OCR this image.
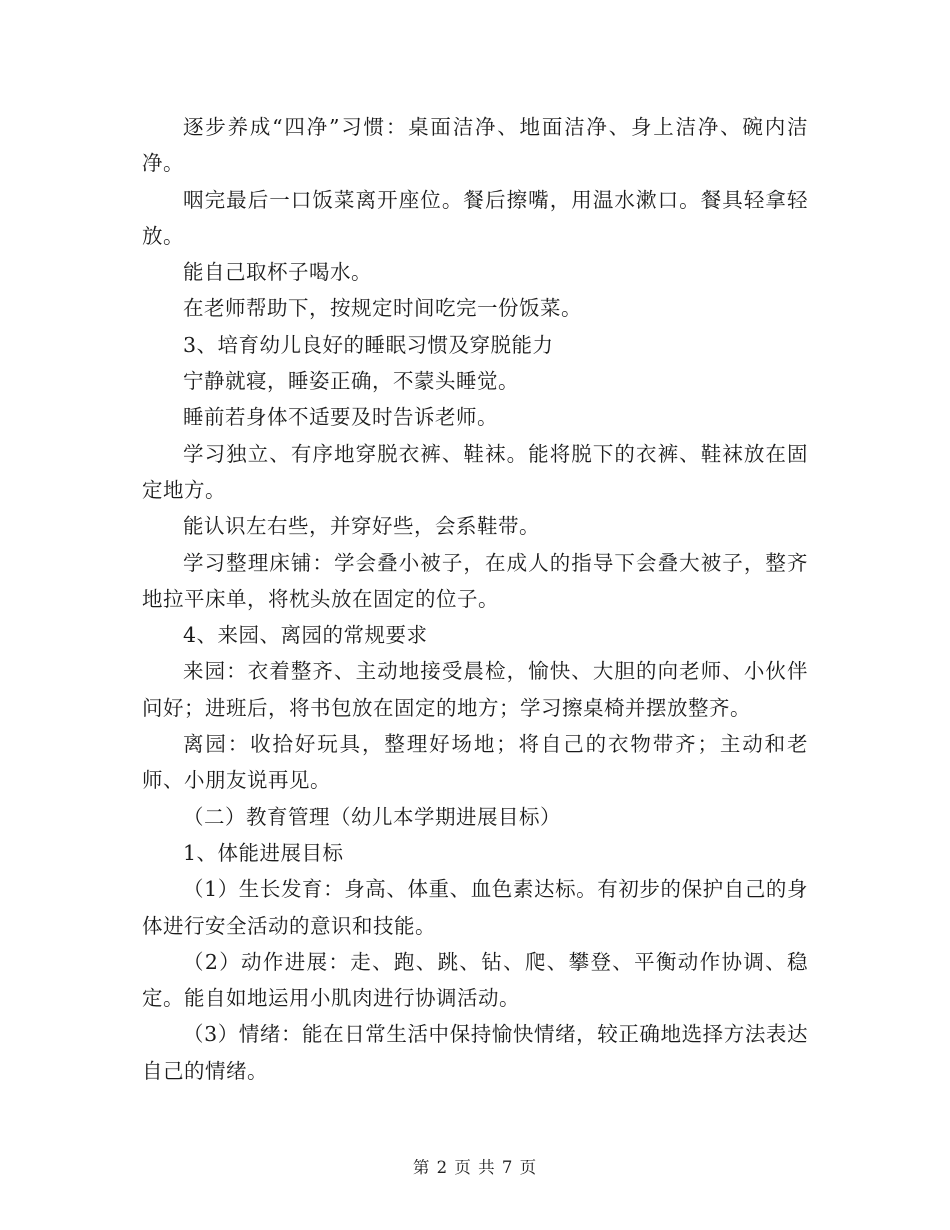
逐步养成“四净”习惯：桌面洁净、地面洁净、身上洁净、碗内洁净。

咽完最后一口饭菜离开座位。餐后擦嘴，用温水漱口。餐具轻拿轻放。

能自己取杯子喝水。

在老师帮助下，按规定时间吃完一份饭菜。

3、培育幼儿良好的睡眠习惯及穿脱能力

宁静就寝，睡姿正确，不蒙头睡觉。

睡前若身体不适要及时告诉老师。

学习独立、有序地穿脱衣裤、鞋袜。能将脱下的衣裤、鞋袜放在固定地方。

能认识左右些，并穿好些，会系鞋带。

学习整理床铺：学会叠小被子，在成人的指导下会叠大被子，整齐地拉平床单，将枕头放在固定的位子。

4、来园、离园的常规要求

来园：衣着整齐、主动地接受晨检，愉快、大胆的向老师、小伙伴问好；进班后，将书包放在固定的地方；学习擦桌椅并摆放整齐。

离园：收拾好玩具，整理好场地；将自己的衣物带齐；主动和老师、小朋友说再见。

（二）教育管理（幼儿本学期进展目标）

1、体能进展目标

（1）生长发育：身高、体重、血色素达标。有初步的保护自己的身体进行安全活动的意识和技能。

（2）动作进展：走、跑、跳、钻、爬、攀登、平衡动作协调、稳定。能自如地运用小肌肉进行协调活动。

（3）情绪：能在日常生活中保持愉快情绪，较正确地选择方法表达自己的情绪。

第 2 页 共 7 页
